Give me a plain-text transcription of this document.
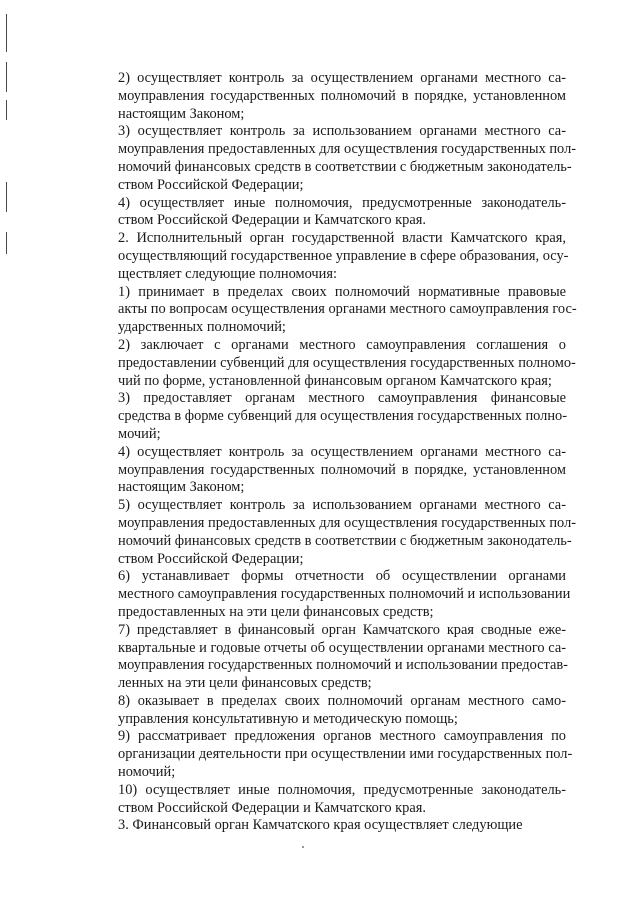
2) осуществляет контроль за осуществлением органами местного са-
моуправления государственных полномочий в порядке, установленном
настоящим Законом;

3) осуществляет контроль за использованием органами местного са-
моуправления предоставленных для осуществления государственных пол-
номочий финансовых средств в соответствии с бюджетным законодатель-
ством Российской Федерации;

4) осуществляет иные полномочия, предусмотренные законодатель-
ством Российской Федерации и Камчатского края.

2. Исполнительный орган государственной власти Камчатского края,
осуществляющий государственное управление в сфере образования, осу-
ществляет следующие полномочия:

1) принимает в пределах своих полномочий нормативные правовые
акты по вопросам осуществления органами местного самоуправления гос-
ударственных полномочий;

2) заключает с органами местного самоуправления соглашения о
предоставлении субвенций для осуществления государственных полномо-
чий по форме, установленной финансовым органом Камчатского края;

3) предоставляет органам местного самоуправления финансовые
средства в форме субвенций для осуществления государственных полно-
мочий;

4) осуществляет контроль за осуществлением органами местного са-
моуправления государственных полномочий в порядке, установленном
настоящим Законом;

5) осуществляет контроль за использованием органами местного са-
моуправления предоставленных для осуществления государственных пол-
номочий финансовых средств в соответствии с бюджетным законодатель-
ством Российской Федерации;

6) устанавливает формы отчетности об осуществлении органами
местного самоуправления государственных полномочий и использовании
предоставленных на эти цели финансовых средств;

7) представляет в финансовый орган Камчатского края сводные еже-
квартальные и годовые отчеты об осуществлении органами местного са-
моуправления государственных полномочий и использовании предостав-
ленных на эти цели финансовых средств;

8) оказывает в пределах своих полномочий органам местного само-
управления консультативную и методическую помощь;

9) рассматривает предложения органов местного самоуправления по
организации деятельности при осуществлении ими государственных пол-
номочий;

10) осуществляет иные полномочия, предусмотренные законодатель-
ством Российской Федерации и Камчатского края.

3. Финансовый орган Камчатского края осуществляет следующие
